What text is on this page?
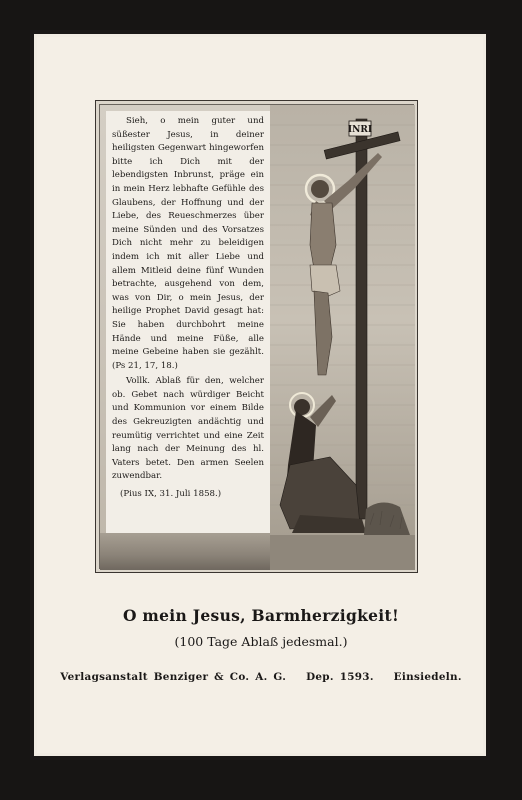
Sieh, o mein guter und süßester Jesus, in deiner heiligsten Gegenwart hingeworfen bitte ich Dich mit der lebendigsten Inbrunst, präge ein in mein Herz lebhafte Gefühle des Glaubens, der Hoffnung und der Liebe, des Reueschmerzes über meine Sünden und des Vorsatzes Dich nicht mehr zu beleidigen indem ich mit aller Liebe und allem Mitleid deine fünf Wunden betrachte, ausgehend von dem, was von Dir, o mein Jesus, der heilige Prophet David gesagt hat: Sie haben durchbohrt meine Hände und meine Füße, alle meine Gebeine haben sie gezählt. (Ps 21, 17, 18.)

Vollk. Ablaß für den, welcher ob. Gebet nach würdiger Beicht und Kommunion vor einem Bilde des Gekreuzigten andächtig und reumütig verrichtet und eine Zeit lang nach der Meinung des hl. Vaters betet. Den armen Seelen zuwendbar.

(Pius IX, 31. Juli 1858.)

INRI
O mein Jesus, Barmherzigkeit!
(100 Tage Ablaß jedesmal.)
Verlagsanstalt Benziger & Co. A. G. Dep. 1593. Einsiedeln.
